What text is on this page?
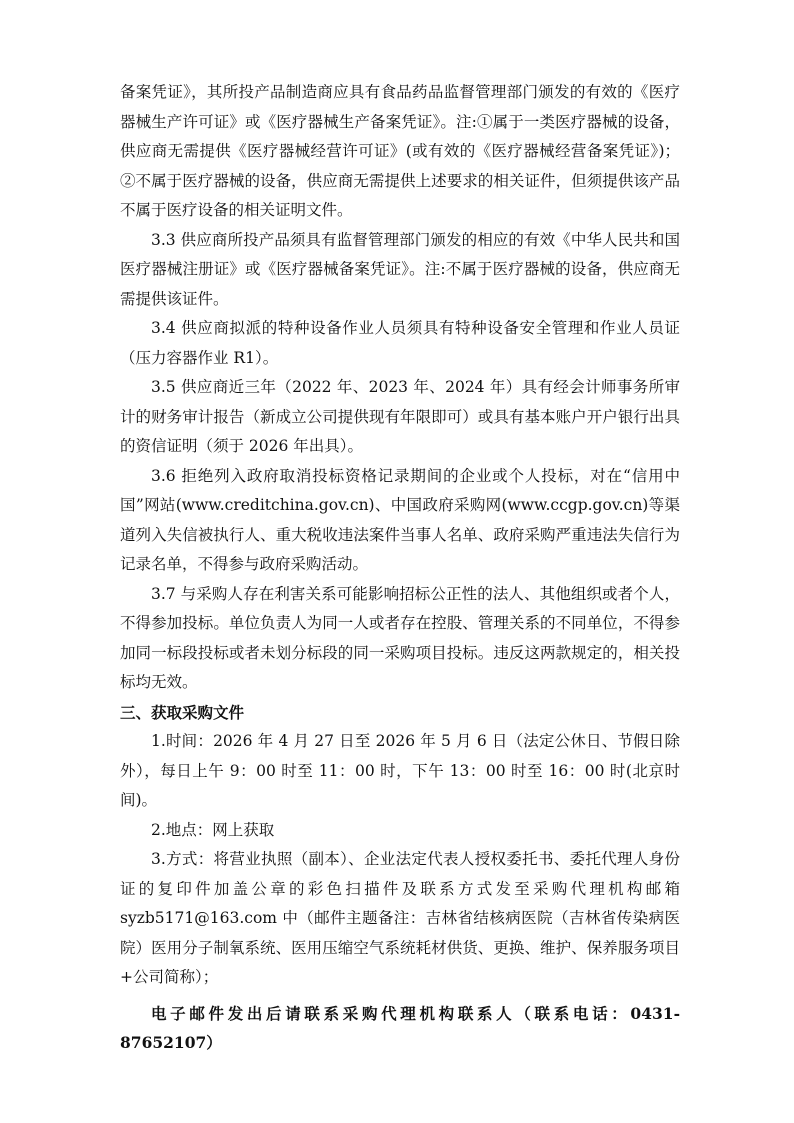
备案凭证》，其所投产品制造商应具有食品药品监督管理部门颁发的有效的《医疗器械生产许可证》或《医疗器械生产备案凭证》。注:①属于一类医疗器械的设备，供应商无需提供《医疗器械经营许可证》(或有效的《医疗器械经营备案凭证》)；②不属于医疗器械的设备，供应商无需提供上述要求的相关证件，但须提供该产品不属于医疗设备的相关证明文件。

3.3 供应商所投产品须具有监督管理部门颁发的相应的有效《中华人民共和国医疗器械注册证》或《医疗器械备案凭证》。注:不属于医疗器械的设备，供应商无需提供该证件。

3.4 供应商拟派的特种设备作业人员须具有特种设备安全管理和作业人员证（压力容器作业 R1）。

3.5 供应商近三年（2022 年、2023 年、2024 年）具有经会计师事务所审计的财务审计报告（新成立公司提供现有年限即可）或具有基本账户开户银行出具的资信证明（须于 2026 年出具）。

3.6 拒绝列入政府取消投标资格记录期间的企业或个人投标，对在“信用中国”网站(www.creditchina.gov.cn)、中国政府采购网(www.ccgp.gov.cn)等渠道列入失信被执行人、重大税收违法案件当事人名单、政府采购严重违法失信行为记录名单，不得参与政府采购活动。

3.7 与采购人存在利害关系可能影响招标公正性的法人、其他组织或者个人，不得参加投标。单位负责人为同一人或者存在控股、管理关系的不同单位，不得参加同一标段投标或者未划分标段的同一采购项目投标。违反这两款规定的，相关投标均无效。

三、获取采购文件

1.时间：2026 年 4 月 27 日至 2026 年 5 月 6 日（法定公休日、节假日除外），每日上午 9：00 时至 11：00 时，下午 13：00 时至 16：00 时(北京时间)。

2.地点：网上获取

3.方式：将营业执照（副本）、企业法定代表人授权委托书、委托代理人身份证的复印件加盖公章的彩色扫描件及联系方式发至采购代理机构邮箱 syzb5171@163.com 中（邮件主题备注：吉林省结核病医院（吉林省传染病医院）医用分子制氧系统、医用压缩空气系统耗材供货、更换、维护、保养服务项目+公司简称）；

电子邮件发出后请联系采购代理机构联系人（联系电话：0431-87652107）
